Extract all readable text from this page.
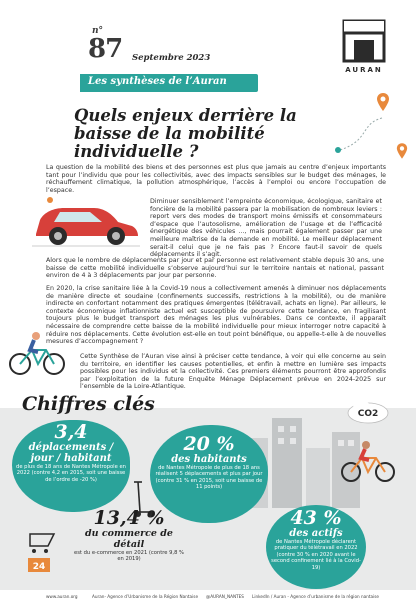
n°
87 Septembre 2023
AURAN
Les synthèses de l’Auran
Quels enjeux derrière la baisse de la mobilité individuelle ?
La question de la mobilité des biens et des personnes est plus que jamais au centre d’enjeux importants tant pour l’individu que pour les collectivités, avec des impacts sensibles sur le budget des ménages, le réchauffement climatique, la pollution atmosphérique, l’accès à l’emploi ou encore l’occupation de l’espace.
Diminuer sensiblement l’empreinte économique, écologique, sanitaire et foncière de la mobilité passera par la mobilisation de nombreux leviers : report vers des modes de transport moins émissifs et consommateurs d’espace que l’autosolisme, amélioration de l’usage et de l’efficacité énergétique des véhicules ..., mais pourrait également passer par une meilleure maîtrise de la demande en mobilité. Le meilleur déplacement serait-il celui que je ne fais pas ? Encore faut-il savoir de quels déplacements il s’agit.
Alors que le nombre de déplacements par jour et par personne est relativement stable depuis 30 ans, une baisse de cette mobilité individuelle s’observe aujourd’hui sur le territoire nantais et national, passant environ de 4 à 3 déplacements par jour par personne.
En 2020, la crise sanitaire liée à la Covid-19 nous a collectivement amenés à diminuer nos déplacements de manière directe et soudaine (confinements successifs, restrictions à la mobilité), ou de manière indirecte en confortant notamment des pratiques émergentes (télétravail, achats en ligne). Par ailleurs, le contexte économique inflationniste actuel est susceptible de poursuivre cette tendance, en fragilisant toujours plus le budget transport des ménages les plus vulnérables. Dans ce contexte, il apparaît nécessaire de comprendre cette baisse de la mobilité individuelle pour mieux interroger notre capacité à réduire nos déplacements. Cette évolution est-elle en tout point bénéfique, ou appelle-t-elle à de nouvelles mesures d’accompagnement ?
Cette Synthèse de l’Auran vise ainsi à préciser cette tendance, à voir qui elle concerne au sein du territoire, en identifier les causes potentielles, et enfin à mettre en lumière ses impacts possibles pour les individus et la collectivité. Ces premiers éléments pourront être approfondis par l’exploitation de la future Enquête Ménage Déplacement prévue en 2024-2025 sur l’ensemble de la Loire-Atlantique.
CO2
Chiffres clés
3,4
déplacements / jour / habitant
de plus de 18 ans de Nantes Métropole en 2022 (contre 4,2 en 2015, soit une baisse de l’ordre de -20 %)
20 %
des habitants
de Nantes Métropole de plus de 18 ans réalisent 5 déplacements et plus par jour (contre 31 % en 2015, soit une baisse de 11 points)
13,4 %
du commerce de détail
est du e-commerce en 2021 (contre 9,8 % en 2019)
24
43 %
des actifs
de Nantes Métropole déclarent pratiquer du télétravail en 2022 (contre 30 % en 2020 avant le second confinement lié à la Covid-19)
www.auran.org	Auran- Agence d’Urbanisme de la Région Nantaise @AURAN_NANTES LinkedIn / Auran - Agence d’urbanisme de la région nantaise
